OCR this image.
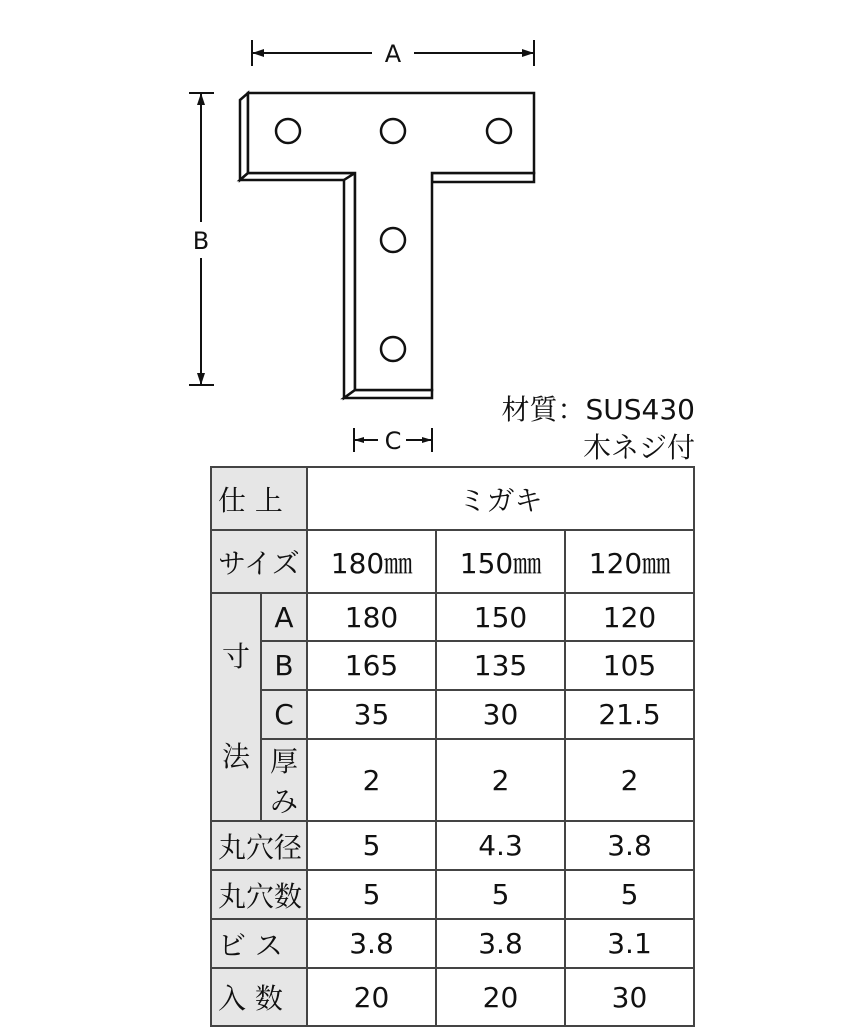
A
B
C
材質：SUS430
木ネジ付
仕 上		ミガキ		
サイズ		180㎜	150㎜	120㎜
寸

法	A	180	150	120
	B	165	135	105
	C	35	30	21.5
	厚み	2	2	2
丸穴径		5	4.3	3.8
丸穴数		5	5	5
ビ ス		3.8	3.8	3.1
入 数		20	20	30
